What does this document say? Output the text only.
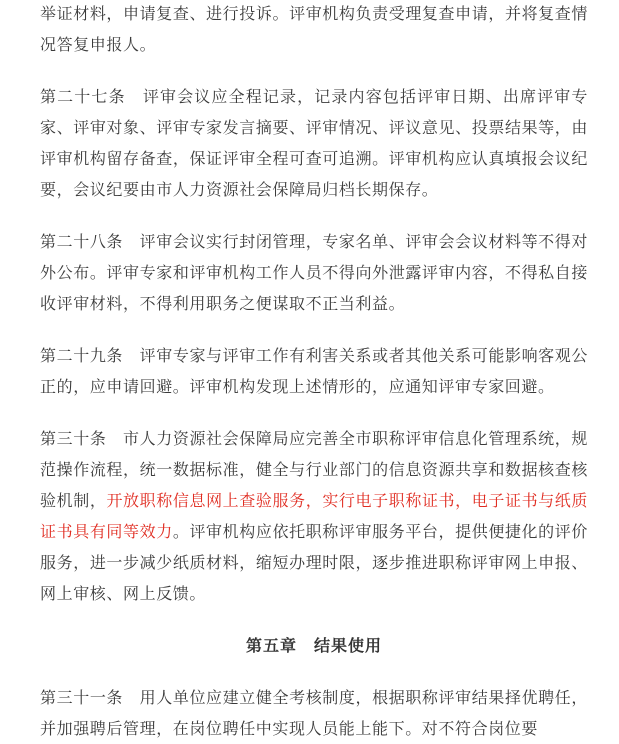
举证材料，申请复查、进行投诉。评审机构负责受理复查申请，并将复查情况答复申报人。

第二十七条　评审会议应全程记录，记录内容包括评审日期、出席评审专家、评审对象、评审专家发言摘要、评审情况、评议意见、投票结果等，由评审机构留存备查，保证评审全程可查可追溯。评审机构应认真填报会议纪要，会议纪要由市人力资源社会保障局归档长期保存。

第二十八条　评审会议实行封闭管理，专家名单、评审会会议材料等不得对外公布。评审专家和评审机构工作人员不得向外泄露评审内容，不得私自接收评审材料，不得利用职务之便谋取不正当利益。

第二十九条　评审专家与评审工作有利害关系或者其他关系可能影响客观公正的，应申请回避。评审机构发现上述情形的，应通知评审专家回避。

第三十条　市人力资源社会保障局应完善全市职称评审信息化管理系统，规范操作流程，统一数据标准，健全与行业部门的信息资源共享和数据核查核验机制，开放职称信息网上查验服务，实行电子职称证书，电子证书与纸质证书具有同等效力。评审机构应依托职称评审服务平台，提供便捷化的评价服务，进一步减少纸质材料，缩短办理时限，逐步推进职称评审网上申报、网上审核、网上反馈。

第五章　结果使用

第三十一条　用人单位应建立健全考核制度，根据职称评审结果择优聘任，并加强聘后管理，在岗位聘任中实现人员能上能下。对不符合岗位要
